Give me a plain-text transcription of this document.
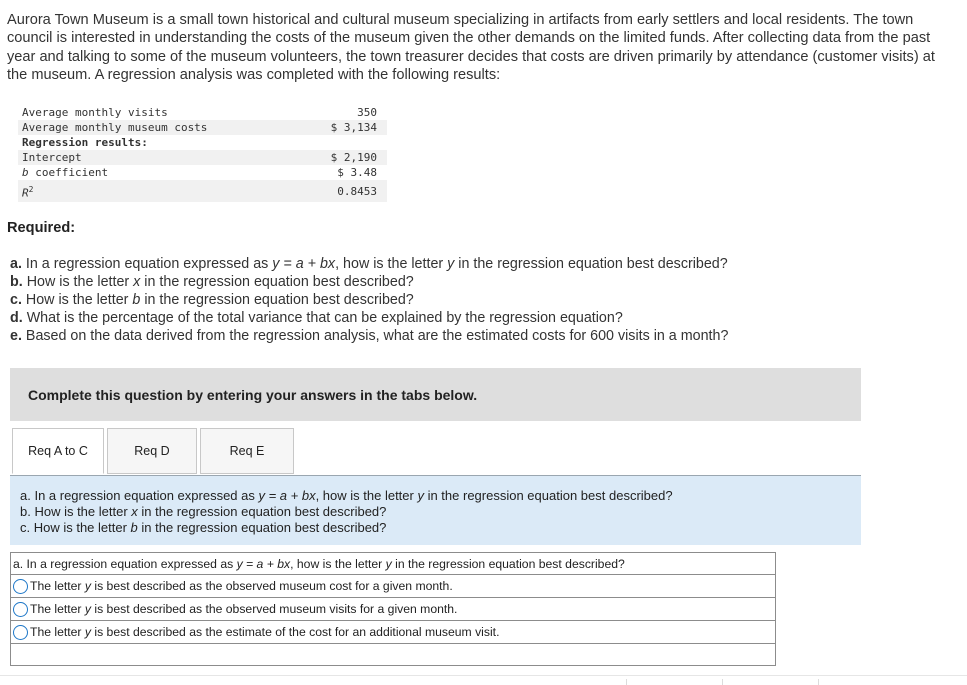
Aurora Town Museum is a small town historical and cultural museum specializing in artifacts from early settlers and local residents. The town council is interested in understanding the costs of the museum given the other demands on the limited funds. After collecting data from the past year and talking to some of the museum volunteers, the town treasurer decides that costs are driven primarily by attendance (customer visits) at the museum. A regression analysis was completed with the following results:
Average monthly visits	350
Average monthly museum costs	$ 3,134
Regression results:	
Intercept	$ 2,190
b coefficient	$ 3.48
$R^2$	0.8453
Required:
a. In a regression equation expressed as y = a + bx, how is the letter y in the regression equation best described?
b. How is the letter x in the regression equation best described?
c. How is the letter b in the regression equation best described?
d. What is the percentage of the total variance that can be explained by the regression equation?
e. Based on the data derived from the regression analysis, what are the estimated costs for 600 visits in a month?
Complete this question by entering your answers in the tabs below.
Req A to C	Req D	Req E
a. In a regression equation expressed as y = a + bx, how is the letter y in the regression equation best described?
b. How is the letter x in the regression equation best described?
c. How is the letter b in the regression equation best described?
a. In a regression equation expressed as y = a + bx, how is the letter y in the regression equation best described?

The letter y is best described as the observed museum cost for a given month.

The letter y is best described as the observed museum visits for a given month.

The letter y is best described as the estimate of the cost for an additional museum visit.
